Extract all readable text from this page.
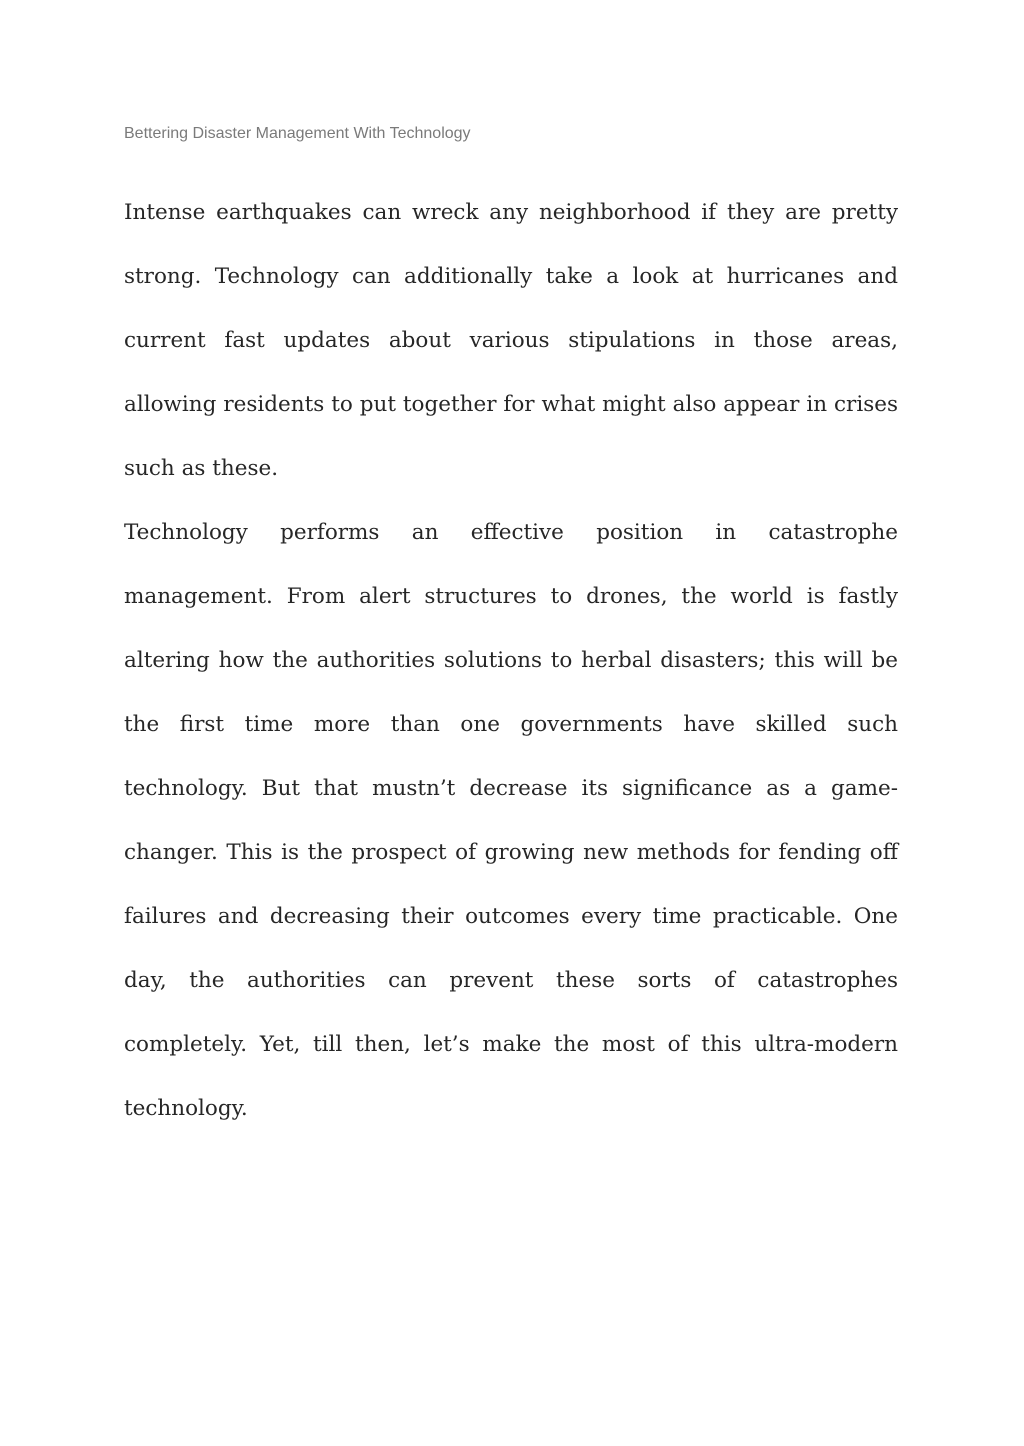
Bettering Disaster Management With Technology

Intense earthquakes can wreck any neighborhood if they are pretty strong. Technology can additionally take a look at hurricanes and current fast updates about various stipulations in those areas, allowing residents to put together for what might also appear in crises such as these.

Technology performs an effective position in catastrophe management. From alert structures to drones, the world is fastly altering how the authorities solutions to herbal disasters; this will be the first time more than one governments have skilled such technology. But that mustn’t decrease its significance as a game-changer. This is the prospect of growing new methods for fending off failures and decreasing their outcomes every time practicable. One day, the authorities can prevent these sorts of catastrophes completely. Yet, till then, let’s make the most of this ultra-modern technology.
